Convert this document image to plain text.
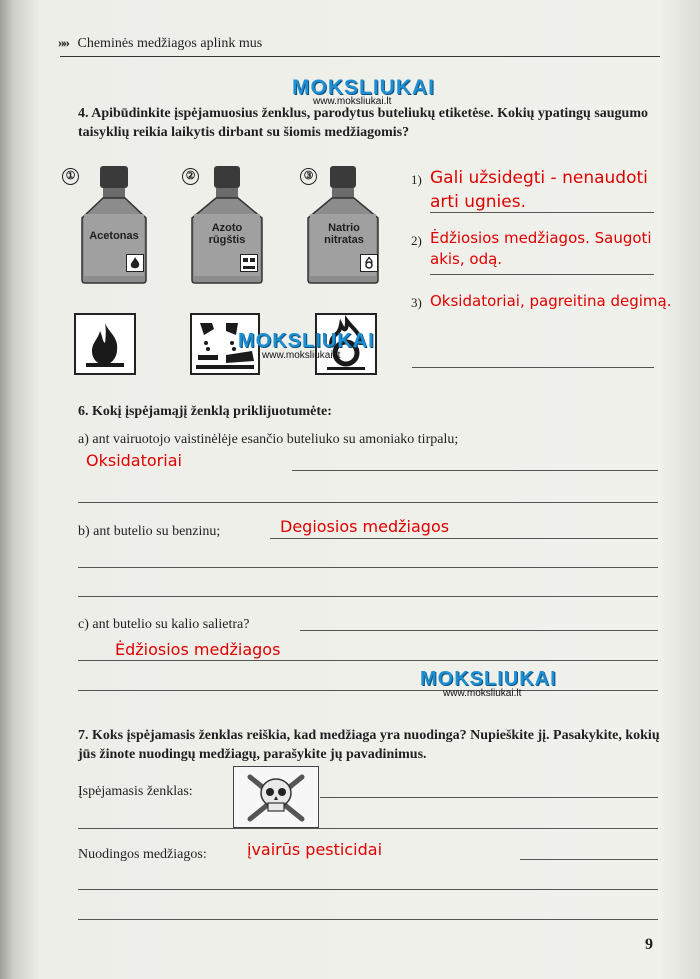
»» Cheminės medžiagos aplink mus
MOKSLIUKAI
www.moksliukai.lt
4. Apibūdinkite įspėjamuosius ženklus, parodytus buteliukų etiketėse. Kokių ypatingų saugumo taisyklių reikia laikytis dirbant su šiomis medžiagomis?
①	②	③
Acetonas
Azoto rūgštis
Natrio nitratas
MOKSLIUKAI
www.moksliukai.lt
1) Gali užsidegti - nenaudoti arti ugnies.
2) Ėdžiosios medžiagos. Saugoti akis, odą.
3) Oksidatoriai, pagreitina degimą.
6. Kokį įspėjamąjį ženklą priklijuotumėte:
a) ant vairuotojo vaistinėlėje esančio buteliuko su amoniako tirpalu;
Oksidatoriai
b) ant butelio su benzinu;	Degiosios medžiagos
c) ant butelio su kalio salietra?
Ėdžiosios medžiagos
MOKSLIUKAI
www.moksliukai.lt
7. Koks įspėjamasis ženklas reiškia, kad medžiaga yra nuodinga? Nupieškite jį. Pasakykite, kokių jūs žinote nuodingų medžiagų, parašykite jų pavadinimus.
Įspėjamasis ženklas:
Nuodingos medžiagos:	įvairūs pesticidai
9
